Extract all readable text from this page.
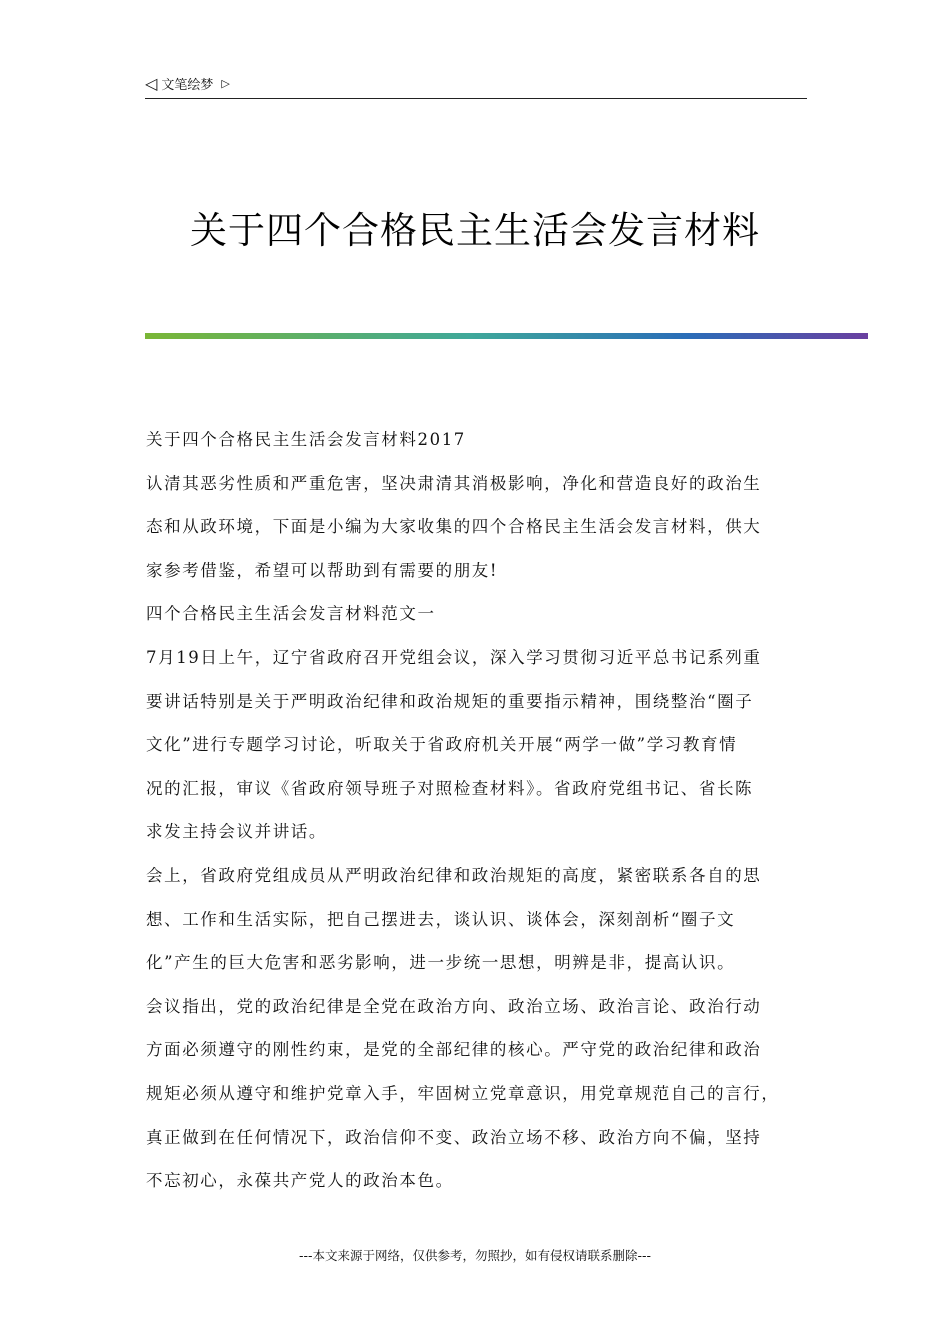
◁ 文笔绘梦 ▷
关于四个合格民主生活会发言材料

关于四个合格民主生活会发言材料2017

认清其恶劣性质和严重危害，坚决肃清其消极影响，净化和营造良好的政治生

态和从政环境，下面是小编为大家收集的四个合格民主生活会发言材料，供大

家参考借鉴，希望可以帮助到有需要的朋友!

四个合格民主生活会发言材料范文一

7月19日上午，辽宁省政府召开党组会议，深入学习贯彻习近平总书记系列重

要讲话特别是关于严明政治纪律和政治规矩的重要指示精神，围绕整治“圈子

文化”进行专题学习讨论，听取关于省政府机关开展“两学一做”学习教育情

况的汇报，审议《省政府领导班子对照检查材料》。省政府党组书记、省长陈

求发主持会议并讲话。

会上，省政府党组成员从严明政治纪律和政治规矩的高度，紧密联系各自的思

想、工作和生活实际，把自己摆进去，谈认识、谈体会，深刻剖析“圈子文

化”产生的巨大危害和恶劣影响，进一步统一思想，明辨是非，提高认识。

会议指出，党的政治纪律是全党在政治方向、政治立场、政治言论、政治行动

方面必须遵守的刚性约束，是党的全部纪律的核心。严守党的政治纪律和政治

规矩必须从遵守和维护党章入手，牢固树立党章意识，用党章规范自己的言行，

真正做到在任何情况下，政治信仰不变、政治立场不移、政治方向不偏，坚持

不忘初心，永葆共产党人的政治本色。

---本文来源于网络，仅供参考，勿照抄，如有侵权请联系删除---
